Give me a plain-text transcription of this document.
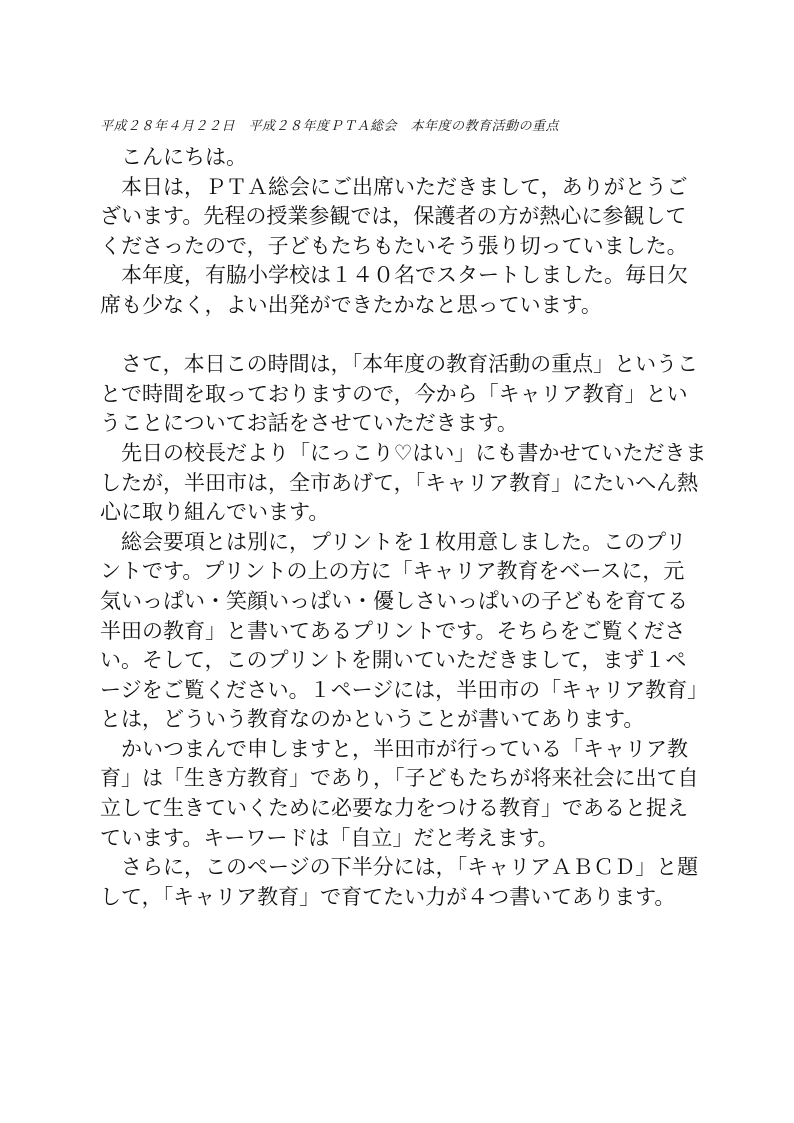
平成２８年４月２２日　平成２８年度ＰＴＡ総会　本年度の教育活動の重点
　こんにちは。
　本日は，ＰＴＡ総会にご出席いただきまして，ありがとうご
ざいます。先程の授業参観では，保護者の方が熱心に参観して
くださったので，子どもたちもたいそう張り切っていました。
　本年度，有脇小学校は１４０名でスタートしました。毎日欠
席も少なく，よい出発ができたかなと思っています。
　さて，本日この時間は，「本年度の教育活動の重点」というこ
とで時間を取っておりますので，今から「キャリア教育」とい
うことについてお話をさせていただきます。
　先日の校長だより「にっこり♡はい」にも書かせていただきま
したが，半田市は，全市あげて，「キャリア教育」にたいへん熱
心に取り組んでいます。
　総会要項とは別に，プリントを１枚用意しました。このプリ
ントです。プリントの上の方に「キャリア教育をベースに，元
気いっぱい・笑顔いっぱい・優しさいっぱいの子どもを育てる
半田の教育」と書いてあるプリントです。そちらをご覧くださ
い。そして，このプリントを開いていただきまして，まず１ペ
ージをご覧ください。１ページには，半田市の「キャリア教育」
とは，どういう教育なのかということが書いてあります。
　かいつまんで申しますと，半田市が行っている「キャリア教
育」は「生き方教育」であり，「子どもたちが将来社会に出て自
立して生きていくために必要な力をつける教育」であると捉え
ています。キーワードは「自立」だと考えます。
　さらに，このページの下半分には，「キャリアＡＢＣＤ」と題
して，「キャリア教育」で育てたい力が４つ書いてあります。
